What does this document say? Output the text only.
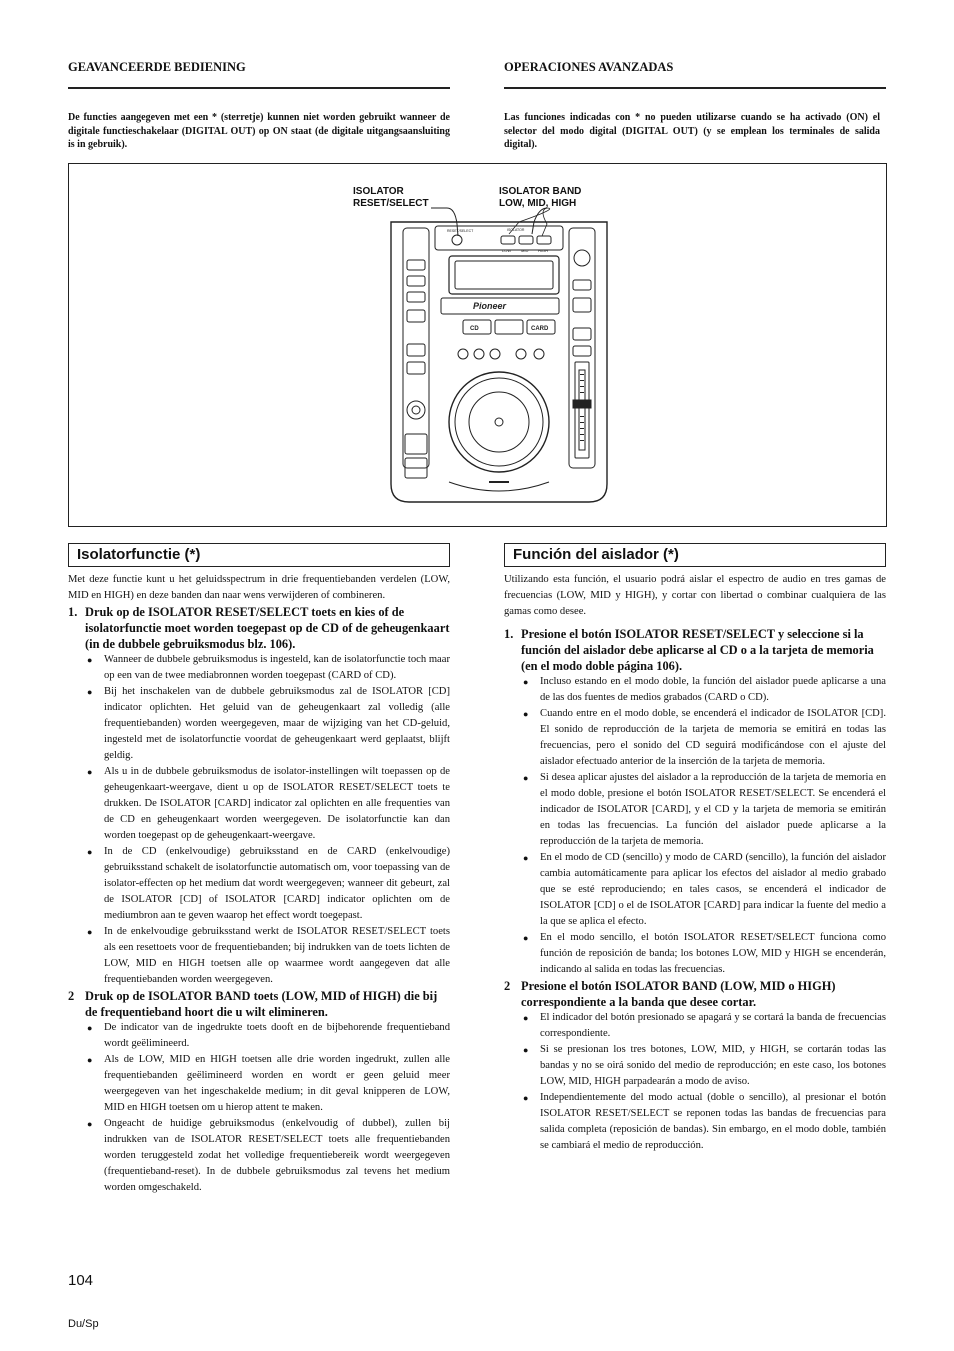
GEAVANCEERDE BEDIENING	OPERACIONES AVANZADAS
De functies aangegeven met een * (sterretje) kunnen niet worden gebruikt wanneer de digitale functieschakelaar (DIGITAL OUT) op ON staat (de digitale uitgangsaansluiting is in gebruik).
Las funciones indicadas con * no pueden utilizarse cuando se ha activado (ON) el selector del modo digital (DIGITAL OUT) (y se emplean los terminales de salida digital).
ISOLATOR
RESET/SELECT
ISOLATOR BAND
LOW, MID, HIGH
Pioneer
CD	CARD
LOW MID HIGH
RESET/SELECT	ISOLATOR
Isolatorfunctie (*)	Función del aislador (*)

Met deze functie kunt u het geluidsspectrum in drie frequentiebanden verdelen (LOW, MID en HIGH) en deze banden dan naar wens verwijderen of combineren.

1. Druk op de ISOLATOR RESET/SELECT toets en kies of de isolatorfunctie moet worden toegepast op de CD of de geheugenkaart (in de dubbele gebruiksmodus blz. 106).
● Wanneer de dubbele gebruiksmodus is ingesteld, kan de isolatorfunctie toch maar op een van de twee mediabronnen worden toegepast (CARD of CD).
● Bij het inschakelen van de dubbele gebruiksmodus zal de ISOLATOR [CD] indicator oplichten. Het geluid van de geheugenkaart zal volledig (alle frequentiebanden) worden weergegeven, maar de wijziging van het CD-geluid, ingesteld met de isolatorfunctie voordat de geheugenkaart werd geplaatst, blijft geldig.
● Als u in de dubbele gebruiksmodus de isolator-instellingen wilt toepassen op de geheugenkaart-weergave, dient u op de ISOLATOR RESET/SELECT toets te drukken. De ISOLATOR [CARD] indicator zal oplichten en alle frequenties van de CD en geheugenkaart worden weergegeven. De isolatorfunctie kan dan worden toegepast op de geheugenkaart-weergave.
● In de CD (enkelvoudige) gebruiksstand en de CARD (enkelvoudige) gebruiksstand schakelt de isolatorfunctie automatisch om, voor toepassing van de isolator-effecten op het medium dat wordt weergegeven; wanneer dit gebeurt, zal de ISOLATOR [CD] of ISOLATOR [CARD] indicator oplichten om de mediumbron aan te geven waarop het effect wordt toegepast.
● In de enkelvoudige gebruiksstand werkt de ISOLATOR RESET/SELECT toets als een resettoets voor de frequentiebanden; bij indrukken van de toets lichten de LOW, MID en HIGH toetsen alle op waarmee wordt aangegeven dat alle frequentiebanden worden weergegeven.
2 Druk op de ISOLATOR BAND toets (LOW, MID of HIGH) die bij de frequentieband hoort die u wilt elimineren.
● De indicator van de ingedrukte toets dooft en de bijbehorende frequentieband wordt geëlimineerd.
● Als de LOW, MID en HIGH toetsen alle drie worden ingedrukt, zullen alle frequentiebanden geëlimineerd worden en wordt er geen geluid meer weergegeven van het ingeschakelde medium; in dit geval knipperen de LOW, MID en HIGH toetsen om u hierop attent te maken.
● Ongeacht de huidige gebruiksmodus (enkelvoudig of dubbel), zullen bij indrukken van de ISOLATOR RESET/SELECT toets alle frequentiebanden worden teruggesteld zodat het volledige frequentiebereik wordt weergegeven (frequentieband-reset). In de dubbele gebruiksmodus zal tevens het medium worden omgeschakeld.

Utilizando esta función, el usuario podrá aislar el espectro de audio en tres gamas de frecuencias (LOW, MID y HIGH), y cortar con libertad o combinar cualquiera de las gamas como desee.

1. Presione el botón ISOLATOR RESET/SELECT y seleccione si la función del aislador debe aplicarse al CD o a la tarjeta de memoria (en el modo doble página 106).
● Incluso estando en el modo doble, la función del aislador puede aplicarse a una de las dos fuentes de medios grabados (CARD o CD).
● Cuando entre en el modo doble, se encenderá el indicador de ISOLATOR [CD]. El sonido de reproducción de la tarjeta de memoria se emitirá en todas las frecuencias, pero el sonido del CD seguirá modificándose con el ajuste del aislador efectuado anterior de la inserción de la tarjeta de memoria.
● Si desea aplicar ajustes del aislador a la reproducción de la tarjeta de memoria en el modo doble, presione el botón ISOLATOR RESET/SELECT. Se encenderá el indicador de ISOLATOR [CARD], y el CD y la tarjeta de memoria se emitirán en todas las frecuencias. La función del aislador puede aplicarse a la reproducción de la tarjeta de memoria.
● En el modo de CD (sencillo) y modo de CARD (sencillo), la función del aislador cambia automáticamente para aplicar los efectos del aislador al medio grabado que se esté reproduciendo; en tales casos, se encenderá el indicador de ISOLATOR [CD] o el de ISOLATOR [CARD] para indicar la fuente del medio a la que se aplica el efecto.
● En el modo sencillo, el botón ISOLATOR RESET/SELECT funciona como función de reposición de banda; los botones LOW, MID y HIGH se encenderán, indicando al salida en todas las frecuencias.
2 Presione el botón ISOLATOR BAND (LOW, MID o HIGH) correspondiente a la banda que desee cortar.
● El indicador del botón presionado se apagará y se cortará la banda de frecuencias correspondiente.
● Si se presionan los tres botones, LOW, MID, y HIGH, se cortarán todas las bandas y no se oirá sonido del medio de reproducción; en este caso, los botones LOW, MID, HIGH parpadearán a modo de aviso.
● Independientemente del modo actual (doble o sencillo), al presionar el botón ISOLATOR RESET/SELECT se reponen todas las bandas de frecuencias para salida completa (reposición de bandas). Sin embargo, en el modo doble, también se cambiará el medio de reproducción.
104
Du/Sp
